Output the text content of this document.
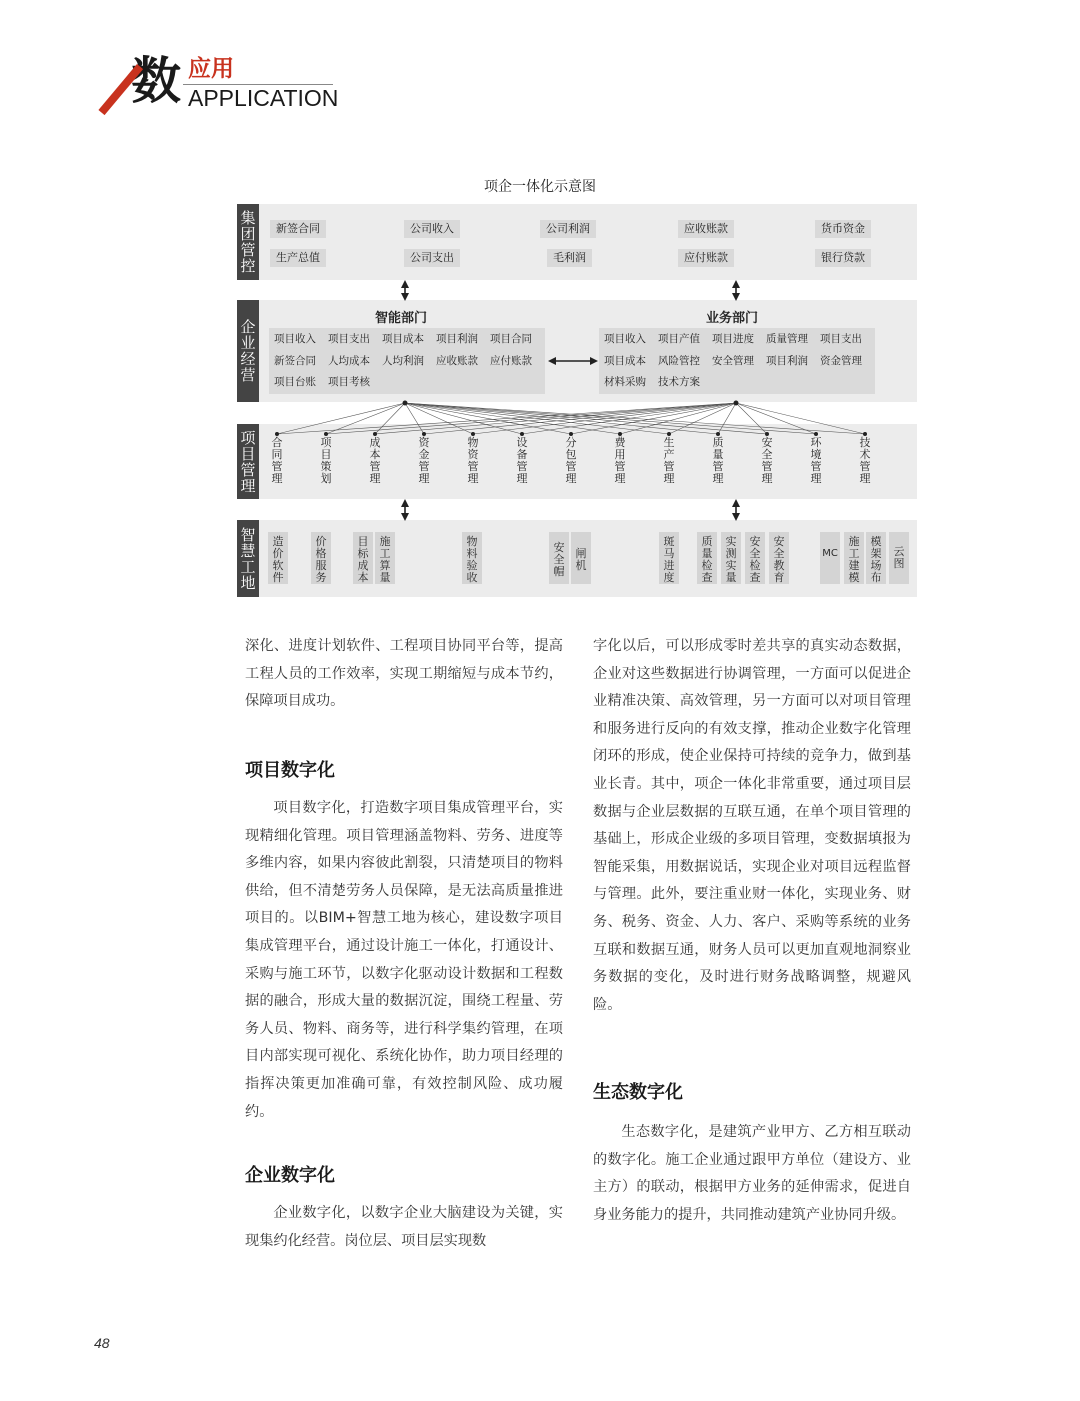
数 应用
APPLICATION
项企一体化示意图
集团管控	新签合同	公司收入	公司利润	应收账款	货币资金
生产总值	公司支出	毛利润	应付账款	银行贷款
企业经营
智能部门
项目收入 项目支出 项目成本 项目利润 项目合同
新签合同 人均成本 人均利润 应收账款 应付账款
项目台账 项目考核
业务部门
项目收入 项目产值 项目进度 质量管理 项目支出
项目成本 风险管控 安全管理 项目利润 资金管理
材料采购 技术方案
项目管理 合同管理
项目策划
成本管理
资金管理
物资管理
设备管理
分包管理
费用管理
生产管理
质量管理
安全管理
环境管理
技术管理
智慧工地	造价软件
价格服务
目标成本
施工算量
物料验收
安全帽
闸机
斑马进度
质量检查
实测实量
安全检查
安全教育
MC
施工建模
模架场布
云图

深化、进度计划软件、工程项目协同平台等，提高工程人员的工作效率，实现工期缩短与成本节约，保障项目成功。

项目数字化

项目数字化，打造数字项目集成管理平台，实现精细化管理。项目管理涵盖物料、劳务、进度等多维内容，如果内容彼此割裂，只清楚项目的物料供给，但不清楚劳务人员保障，是无法高质量推进项目的。以BIM+智慧工地为核心，建设数字项目集成管理平台，通过设计施工一体化，打通设计、采购与施工环节，以数字化驱动设计数据和工程数据的融合，形成大量的数据沉淀，围绕工程量、劳务人员、物料、商务等，进行科学集约管理，在项目内部实现可视化、系统化协作，助力项目经理的指挥决策更加准确可靠，有效控制风险、成功履约。

企业数字化

企业数字化，以数字企业大脑建设为关键，实现集约化经营。岗位层、项目层实现数

字化以后，可以形成零时差共享的真实动态数据，企业对这些数据进行协调管理，一方面可以促进企业精准决策、高效管理，另一方面可以对项目管理和服务进行反向的有效支撑，推动企业数字化管理闭环的形成，使企业保持可持续的竞争力，做到基业长青。其中，项企一体化非常重要，通过项目层数据与企业层数据的互联互通，在单个项目管理的基础上，形成企业级的多项目管理，变数据填报为智能采集，用数据说话，实现企业对项目远程监督与管理。此外，要注重业财一体化，实现业务、财务、税务、资金、人力、客户、采购等系统的业务互联和数据互通，财务人员可以更加直观地洞察业务数据的变化，及时进行财务战略调整，规避风险。

生态数字化

生态数字化，是建筑产业甲方、乙方相互联动的数字化。施工企业通过跟甲方单位（建设方、业主方）的联动，根据甲方业务的延伸需求，促进自身业务能力的提升，共同推动建筑产业协同升级。

48
